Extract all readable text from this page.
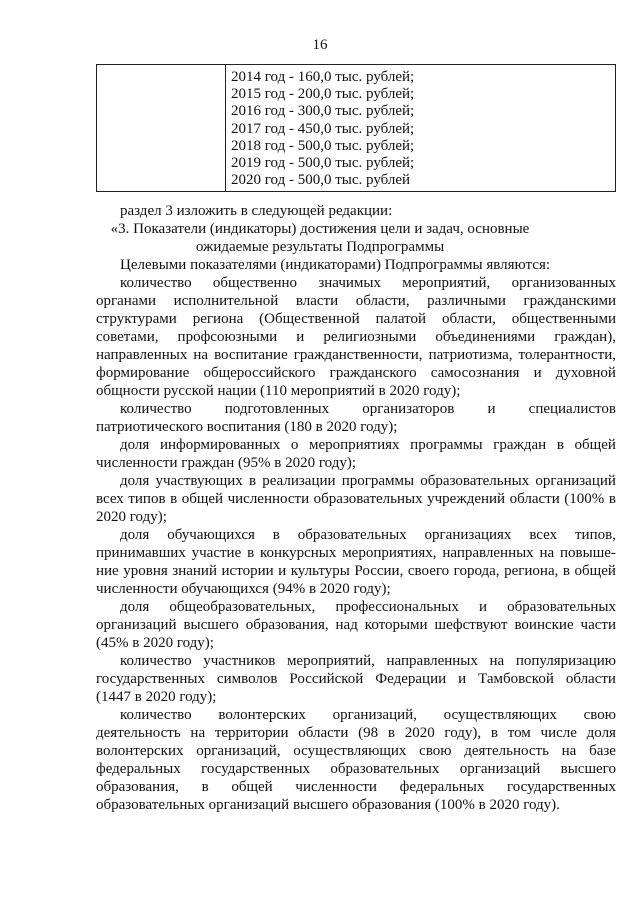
16
2014 год - 160,0 тыс. рублей;
2015 год - 200,0 тыс. рублей;
2016 год - 300,0 тыс. рублей;
2017 год - 450,0 тыс. рублей;
2018 год - 500,0 тыс. рублей;
2019 год - 500,0 тыс. рублей;
2020 год - 500,0 тыс. рублей
раздел 3 изложить в следующей редакции:
«3. Показатели (индикаторы) достижения цели и задач, основные
ожидаемые результаты Подпрограммы
Целевыми показателями (индикаторами) Подпрограммы являются:
количество общественно значимых мероприятий, организованных
органами исполнительной власти области, различными гражданскими
структурами региона (Общественной палатой области, общественными
советами, профсоюзными и религиозными объединениями граждан),
направленных на воспитание гражданственности, патриотизма, толерантности,
формирование общероссийского гражданского самосознания и духовной
общности русской нации (110 мероприятий в 2020 году);
количество подготовленных организаторов и специалистов
патриотического воспитания (180 в 2020 году);
доля информированных о мероприятиях программы граждан в общей
численности граждан (95% в 2020 году);
доля участвующих в реализации программы образовательных организаций
всех типов в общей численности образовательных учреждений области (100% в
2020 году);
доля обучающихся в образовательных организациях всех типов,
принимавших участие в конкурсных мероприятиях, направленных на повыше-
ние уровня знаний истории и культуры России, своего города, региона, в общей
численности обучающихся (94% в 2020 году);
доля общеобразовательных, профессиональных и образовательных
организаций высшего образования, над которыми шефствуют воинские части
(45% в 2020 году);
количество участников мероприятий, направленных на популяризацию
государственных символов Российской Федерации и Тамбовской области
(1447 в 2020 году);
количество волонтерских организаций, осуществляющих свою
деятельность на территории области (98 в 2020 году), в том числе доля
волонтерских организаций, осуществляющих свою деятельность на базе
федеральных государственных образовательных организаций высшего
образования, в общей численности федеральных государственных
образовательных организаций высшего образования (100% в 2020 году).
